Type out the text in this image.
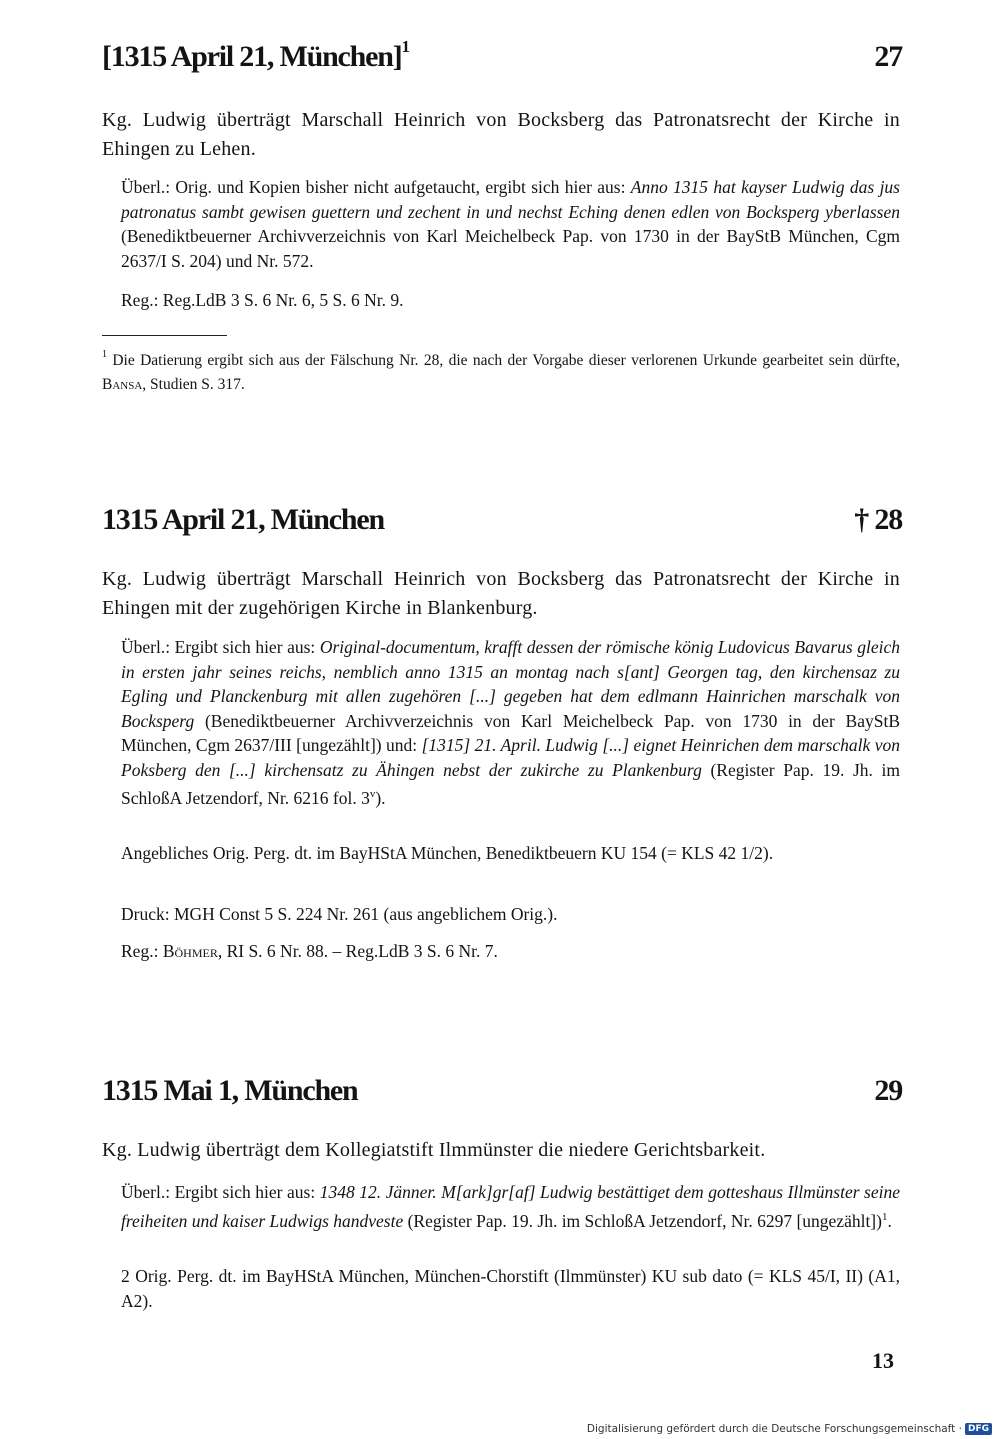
[1315 April 21, München]$^1$	27

Kg. Ludwig überträgt Marschall Heinrich von Bocksberg das Patronatsrecht der Kirche in Ehingen zu Lehen.

Überl.: Orig. und Kopien bisher nicht aufgetaucht, ergibt sich hier aus: Anno 1315 hat kayser Ludwig das jus patronatus sambt gewisen guettern und zechent in und nechst Eching denen edlen von Bocksperg yberlassen (Benediktbeuerner Archivverzeichnis von Karl Meichelbeck Pap. von 1730 in der BayStB München, Cgm 2637/I S. 204) und Nr. 572.

Reg.: Reg.LdB 3 S. 6 Nr. 6, 5 S. 6 Nr. 9.

$^1$ Die Datierung ergibt sich aus der Fälschung Nr. 28, die nach der Vorgabe dieser verlorenen Urkunde gearbeitet sein dürfte, Bansa, Studien S. 317.

1315 April 21, München	† 28

Kg. Ludwig überträgt Marschall Heinrich von Bocksberg das Patronatsrecht der Kirche in Ehingen mit der zugehörigen Kirche in Blankenburg.

Überl.: Ergibt sich hier aus: Original-documentum, krafft dessen der römische könig Ludovicus Bavarus gleich in ersten jahr seines reichs, nemblich anno 1315 an montag nach s[ant] Georgen tag, den kirchensaz zu Egling und Planckenburg mit allen zugehören [...] gegeben hat dem edlmann Hainrichen marschalk von Bocksperg (Benediktbeuerner Archivverzeichnis von Karl Meichelbeck Pap. von 1730 in der BayStB München, Cgm 2637/III [ungezählt]) und: [1315] 21. April. Ludwig [...] eignet Heinrichen dem marschalk von Poksberg den [...] kirchensatz zu Ähingen nebst der zukirche zu Plankenburg (Register Pap. 19. Jh. im SchloßA Jetzendorf, Nr. 6216 fol. 3$^v$).

Angebliches Orig. Perg. dt. im BayHStA München, Benediktbeuern KU 154 (= KLS 42 1/2).

Druck: MGH Const 5 S. 224 Nr. 261 (aus angeblichem Orig.).

Reg.: Böhmer, RI S. 6 Nr. 88. – Reg.LdB 3 S. 6 Nr. 7.

1315 Mai 1, München	29

Kg. Ludwig überträgt dem Kollegiatstift Ilmmünster die niedere Gerichtsbarkeit.

Überl.: Ergibt sich hier aus: 1348 12. Jänner. M[ark]gr[af] Ludwig bestättiget dem gotteshaus Illmünster seine freiheiten und kaiser Ludwigs handveste (Register Pap. 19. Jh. im SchloßA Jetzendorf, Nr. 6297 [ungezählt])$^1$.

2 Orig. Perg. dt. im BayHStA München, München-Chorstift (Ilmmünster) KU sub dato (= KLS 45/I, II) (A1, A2).

13
Digitalisierung gefördert durch die Deutsche Forschungsgemeinschaft · DFG
